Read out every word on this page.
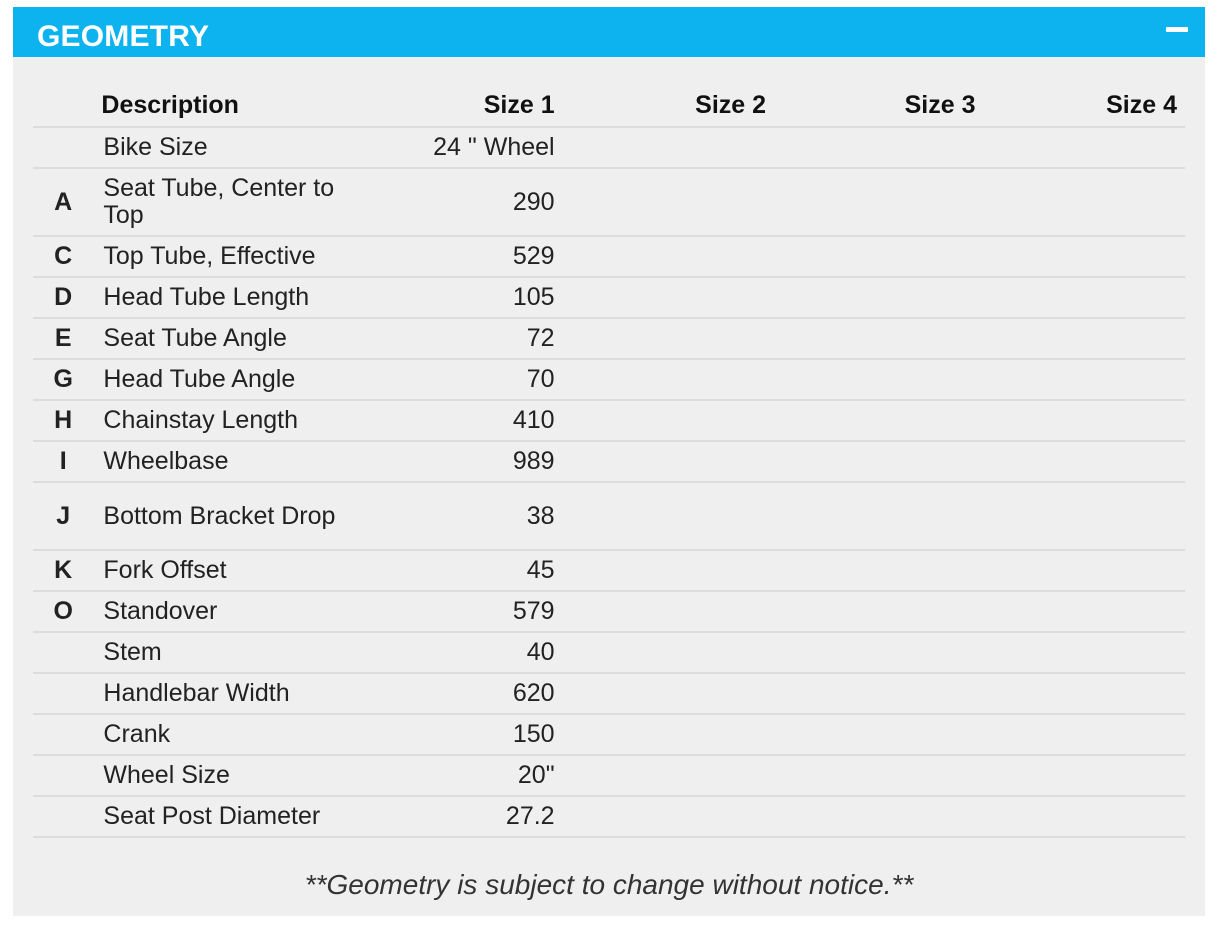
GEOMETRY
	Description	Size 1	Size 2	Size 3	Size 4
	Bike Size	24 " Wheel			
A	Seat Tube, Center to Top	290			
C	Top Tube, Effective	529			
D	Head Tube Length	105			
E	Seat Tube Angle	72			
G	Head Tube Angle	70			
H	Chainstay Length	410			
I	Wheelbase	989			
J	Bottom Bracket Drop	38			
K	Fork Offset	45			
O	Standover	579			
	Stem	40			
	Handlebar Width	620			
	Crank	150			
	Wheel Size	20"			
	Seat Post Diameter	27.2			
**Geometry is subject to change without notice.**
